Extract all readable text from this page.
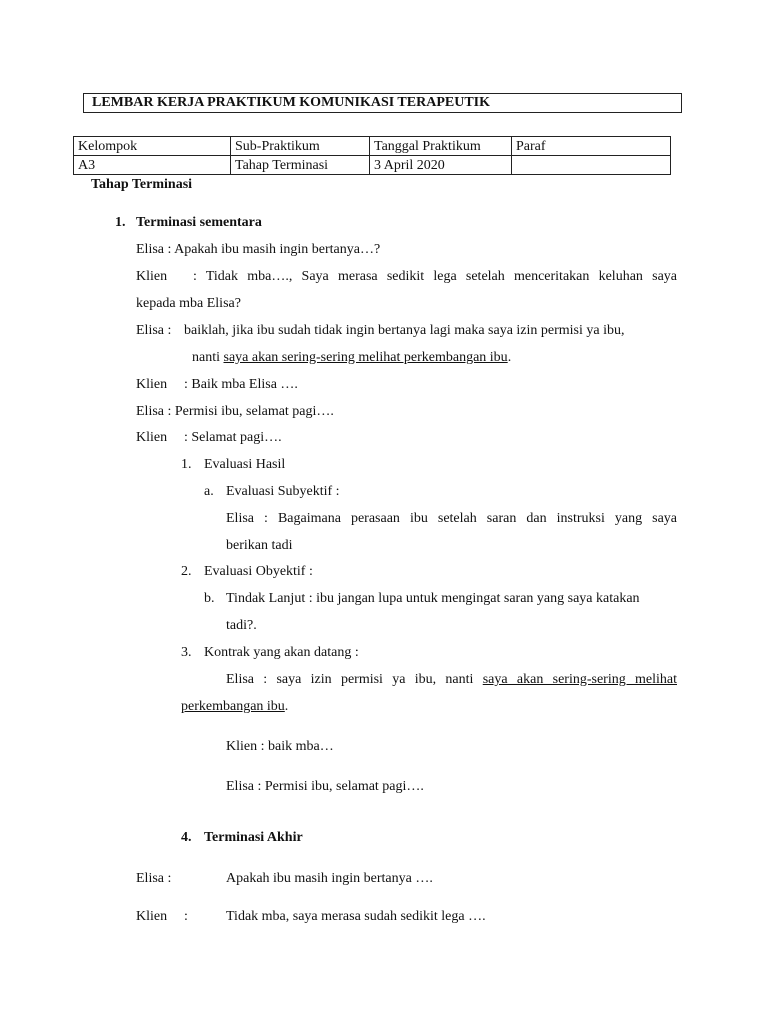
LEMBAR KERJA PRAKTIKUM KOMUNIKASI TERAPEUTIK
Kelompok	Sub-Praktikum	Tanggal Praktikum	Paraf
A3	Tahap Terminasi	3 April 2020	
Tahap Terminasi
1. Terminasi sementara
Elisa : Apakah ibu masih ingin bertanya…?
Klien : Tidak mba…., Saya merasa sedikit lega setelah menceritakan keluhan saya
kepada mba Elisa?
Elisa : baiklah, jika ibu sudah tidak ingin bertanya lagi maka saya izin permisi ya ibu,
nanti saya akan sering-sering melihat perkembangan ibu.
Klien : Baik mba Elisa ….
Elisa : Permisi ibu, selamat pagi….
Klien : Selamat pagi….
1. Evaluasi Hasil
a. Evaluasi Subyektif :
Elisa : Bagaimana perasaan ibu setelah saran dan instruksi yang saya
berikan tadi
2. Evaluasi Obyektif :
b. Tindak Lanjut : ibu jangan lupa untuk mengingat saran yang saya katakan
tadi?.
3. Kontrak yang akan datang :
Elisa : saya izin permisi ya ibu, nanti saya akan sering-sering melihat
perkembangan ibu.
Klien : baik mba…
Elisa : Permisi ibu, selamat pagi….
4. Terminasi Akhir
Elisa :	Apakah ibu masih ingin bertanya ….
Klien :	Tidak mba, saya merasa sudah sedikit lega ….
